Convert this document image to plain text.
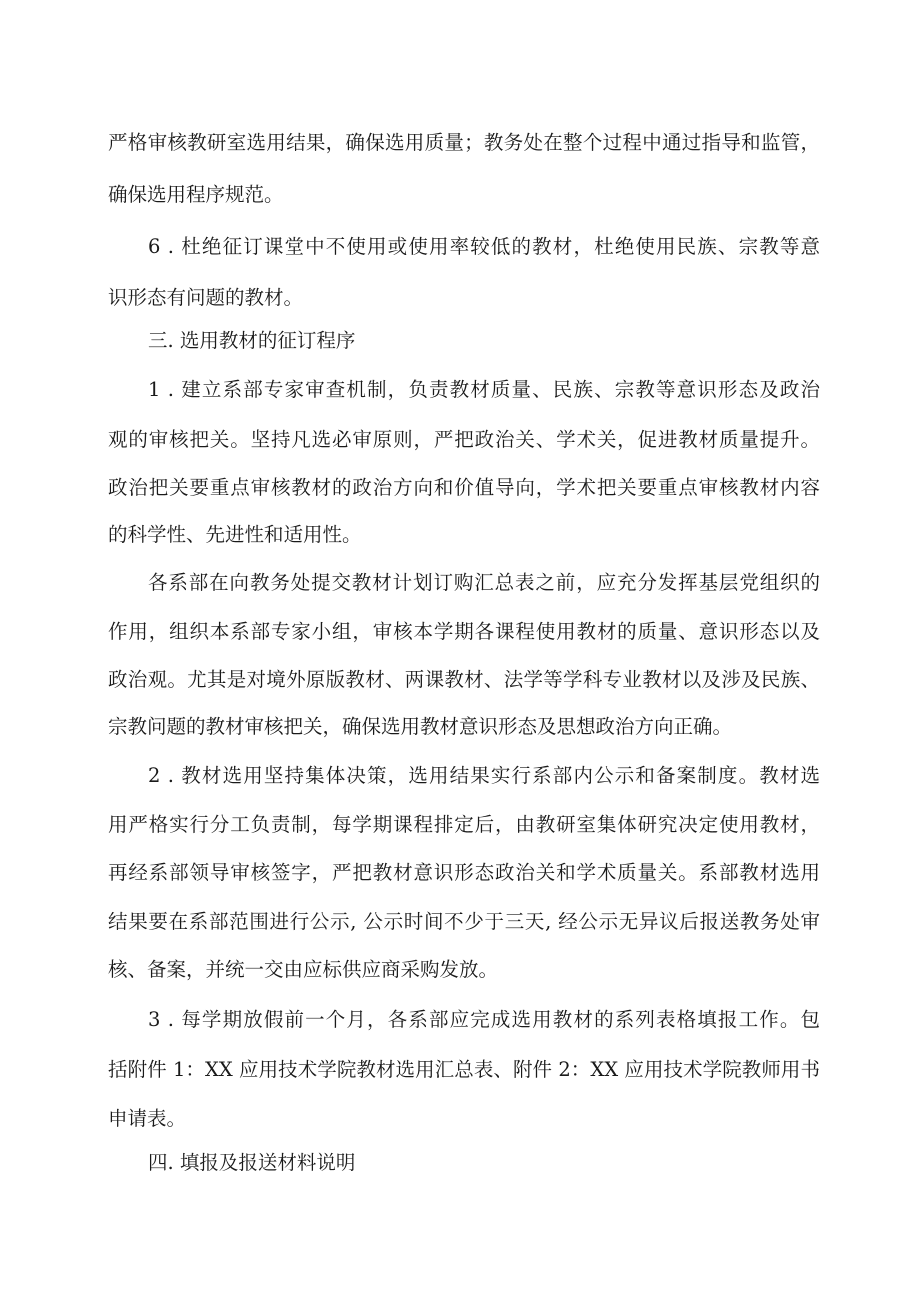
严格审核教研室选用结果，确保选用质量；教务处在整个过程中通过指导和监管，
确保选用程序规范。
6 . 杜绝征订课堂中不使用或使用率较低的教材，杜绝使用民族、宗教等意
识形态有问题的教材。
三. 选用教材的征订程序
1 . 建立系部专家审查机制，负责教材质量、民族、宗教等意识形态及政治
观的审核把关。坚持凡选必审原则，严把政治关、学术关，促进教材质量提升。
政治把关要重点审核教材的政治方向和价值导向，学术把关要重点审核教材内容
的科学性、先进性和适用性。
各系部在向教务处提交教材计划订购汇总表之前，应充分发挥基层党组织的
作用，组织本系部专家小组，审核本学期各课程使用教材的质量、意识形态以及
政治观。尤其是对境外原版教材、两课教材、法学等学科专业教材以及涉及民族、
宗教问题的教材审核把关，确保选用教材意识形态及思想政治方向正确。
2 . 教材选用坚持集体决策，选用结果实行系部内公示和备案制度。教材选
用严格实行分工负责制，每学期课程排定后，由教研室集体研究决定使用教材，
再经系部领导审核签字，严把教材意识形态政治关和学术质量关。系部教材选用
结果要在系部范围进行公示, 公示时间不少于三天, 经公示无异议后报送教务处审
核、备案，并统一交由应标供应商采购发放。
3 . 每学期放假前一个月，各系部应完成选用教材的系列表格填报工作。包
括附件 1：XX 应用技术学院教材选用汇总表、附件 2：XX 应用技术学院教师用书
申请表。
四. 填报及报送材料说明
